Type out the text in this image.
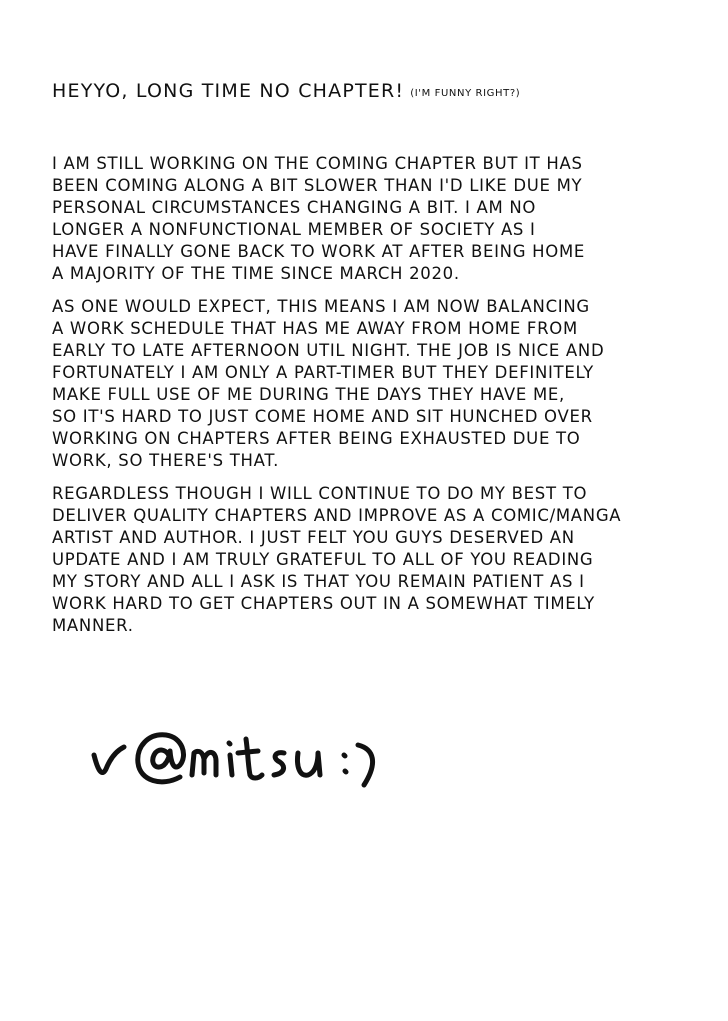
HEYYO, LONG TIME NO CHAPTER! (I'M FUNNY RIGHT?)

I AM STILL WORKING ON THE COMING CHAPTER BUT IT HAS
BEEN COMING ALONG A BIT SLOWER THAN I'D LIKE DUE MY
PERSONAL CIRCUMSTANCES CHANGING A BIT. I AM NO
LONGER A NONFUNCTIONAL MEMBER OF SOCIETY AS I
HAVE FINALLY GONE BACK TO WORK AT AFTER BEING HOME
A MAJORITY OF THE TIME SINCE MARCH 2020.

AS ONE WOULD EXPECT, THIS MEANS I AM NOW BALANCING
A WORK SCHEDULE THAT HAS ME AWAY FROM HOME FROM
EARLY TO LATE AFTERNOON UTIL NIGHT. THE JOB IS NICE AND
FORTUNATELY I AM ONLY A PART-TIMER BUT THEY DEFINITELY
MAKE FULL USE OF ME DURING THE DAYS THEY HAVE ME,
SO IT'S HARD TO JUST COME HOME AND SIT HUNCHED OVER
WORKING ON CHAPTERS AFTER BEING EXHAUSTED DUE TO
WORK, SO THERE'S THAT.

REGARDLESS THOUGH I WILL CONTINUE TO DO MY BEST TO
DELIVER QUALITY CHAPTERS AND IMPROVE AS A COMIC/MANGA
ARTIST AND AUTHOR. I JUST FELT YOU GUYS DESERVED AN
UPDATE AND I AM TRULY GRATEFUL TO ALL OF YOU READING
MY STORY AND ALL I ASK IS THAT YOU REMAIN PATIENT AS I
WORK HARD TO GET CHAPTERS OUT IN A SOMEWHAT TIMELY
MANNER.
